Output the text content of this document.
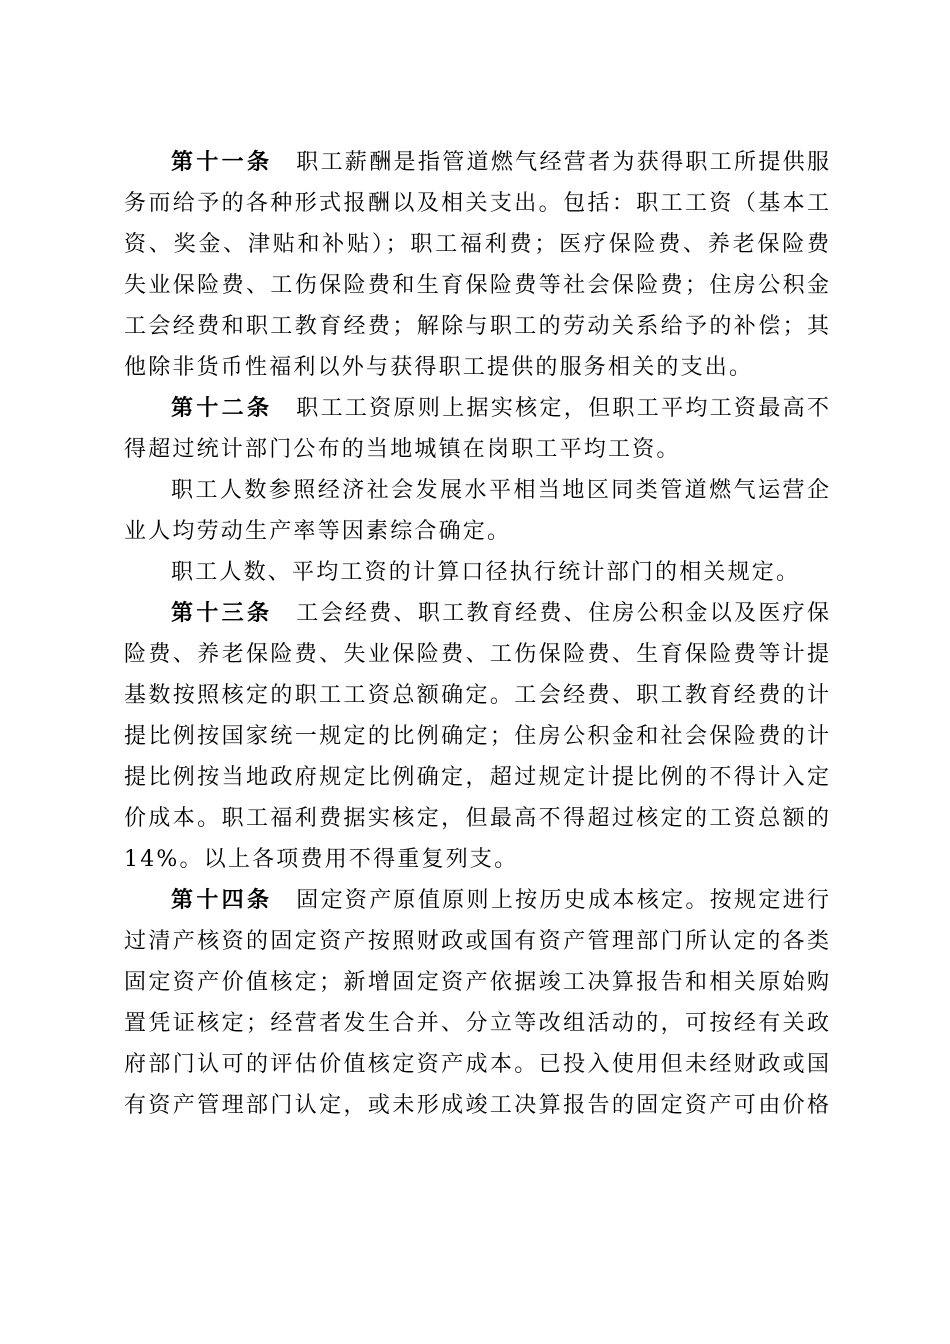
第十一条 职工薪酬是指管道燃气经营者为获得职工所提供服
务而给予的各种形式报酬以及相关支出。包括：职工工资（基本工
资、奖金、津贴和补贴）；职工福利费；医疗保险费、养老保险费
失业保险费、工伤保险费和生育保险费等社会保险费；住房公积金
工会经费和职工教育经费；解除与职工的劳动关系给予的补偿；其
他除非货币性福利以外与获得职工提供的服务相关的支出。
第十二条 职工工资原则上据实核定，但职工平均工资最高不
得超过统计部门公布的当地城镇在岗职工平均工资。
职工人数参照经济社会发展水平相当地区同类管道燃气运营企
业人均劳动生产率等因素综合确定。
职工人数、平均工资的计算口径执行统计部门的相关规定。
第十三条 工会经费、职工教育经费、住房公积金以及医疗保
险费、养老保险费、失业保险费、工伤保险费、生育保险费等计提
基数按照核定的职工工资总额确定。工会经费、职工教育经费的计
提比例按国家统一规定的比例确定；住房公积金和社会保险费的计
提比例按当地政府规定比例确定，超过规定计提比例的不得计入定
价成本。职工福利费据实核定，但最高不得超过核定的工资总额的
14%。以上各项费用不得重复列支。
第十四条 固定资产原值原则上按历史成本核定。按规定进行
过清产核资的固定资产按照财政或国有资产管理部门所认定的各类
固定资产价值核定；新增固定资产依据竣工决算报告和相关原始购
置凭证核定；经营者发生合并、分立等改组活动的，可按经有关政
府部门认可的评估价值核定资产成本。已投入使用但未经财政或国
有资产管理部门认定，或未形成竣工决算报告的固定资产可由价格
